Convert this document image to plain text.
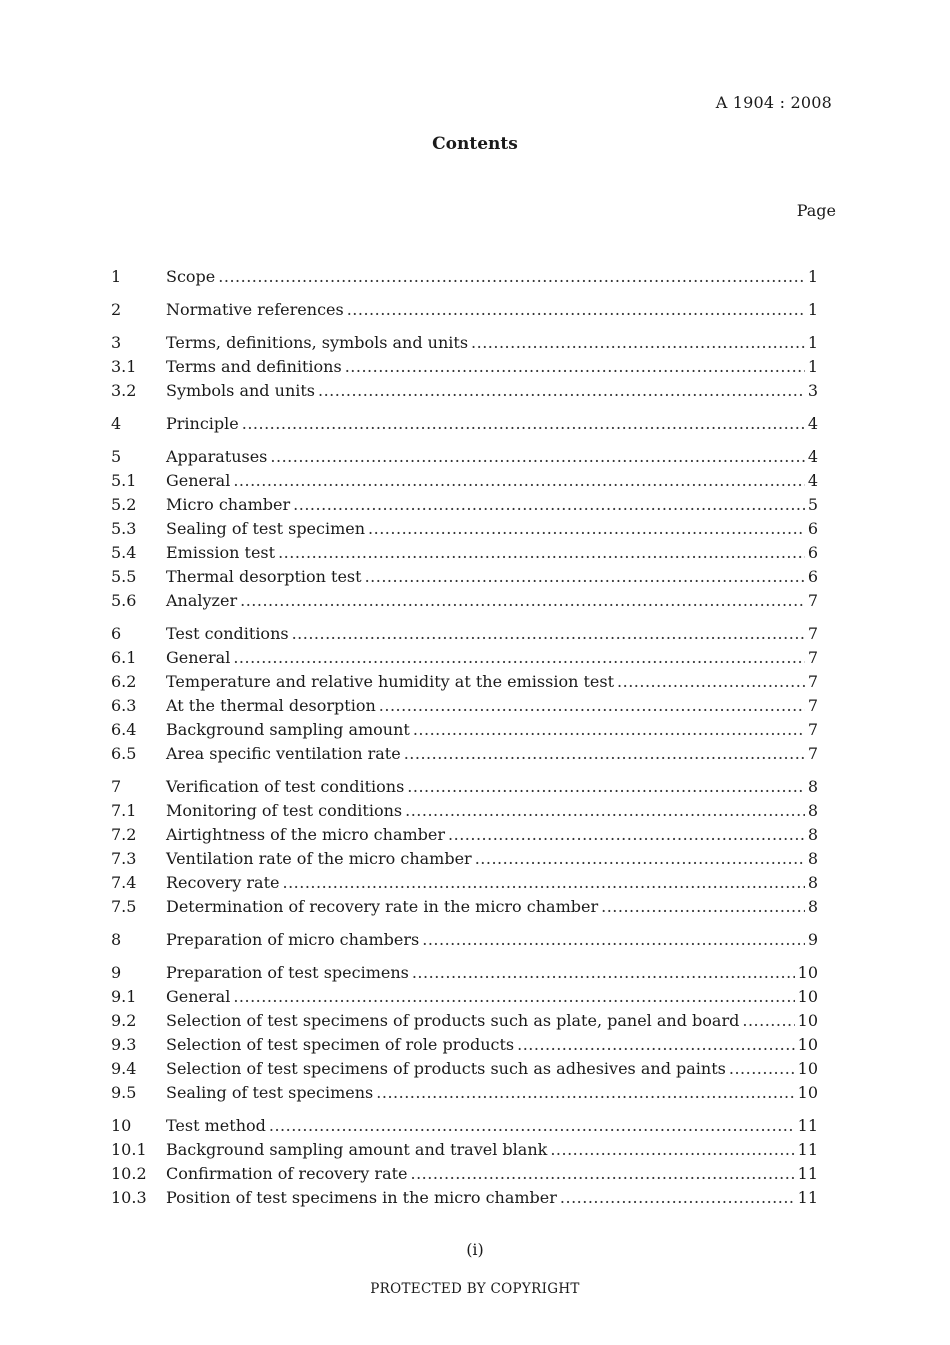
A 1904 : 2008
Contents
Page
1	Scope .....	1
2	Normative references .....	1
3	Terms, definitions, symbols and units .....	1
3.1	Terms and definitions .....	1
3.2	Symbols and units .....	3
4	Principle .....	4
5	Apparatuses .....	4
5.1	General .....	4
5.2	Micro chamber .....	5
5.3	Sealing of test specimen .....	6
5.4	Emission test .....	6
5.5	Thermal desorption test .....	6
5.6	Analyzer .....	7
6	Test conditions .....	7
6.1	General .....	7
6.2	Temperature and relative humidity at the emission test .....	7
6.3	At the thermal desorption .....	7
6.4	Background sampling amount .....	7
6.5	Area specific ventilation rate .....	7
7	Verification of test conditions .....	8
7.1	Monitoring of test conditions .....	8
7.2	Airtightness of the micro chamber .....	8
7.3	Ventilation rate of the micro chamber .....	8
7.4	Recovery rate .....	8
7.5	Determination of recovery rate in the micro chamber .....	8
8	Preparation of micro chambers .....	9
9	Preparation of test specimens .....	10
9.1	General .....	10
9.2	Selection of test specimens of products such as plate, panel and board .....	10
9.3	Selection of test specimen of role products .....	10
9.4	Selection of test specimens of products such as adhesives and paints .....	10
9.5	Sealing of test specimens .....	10
10	Test method .....	11
10.1	Background sampling amount and travel blank .....	11
10.2	Confirmation of recovery rate .....	11
10.3	Position of test specimens in the micro chamber .....	11
(i)
PROTECTED BY COPYRIGHT
